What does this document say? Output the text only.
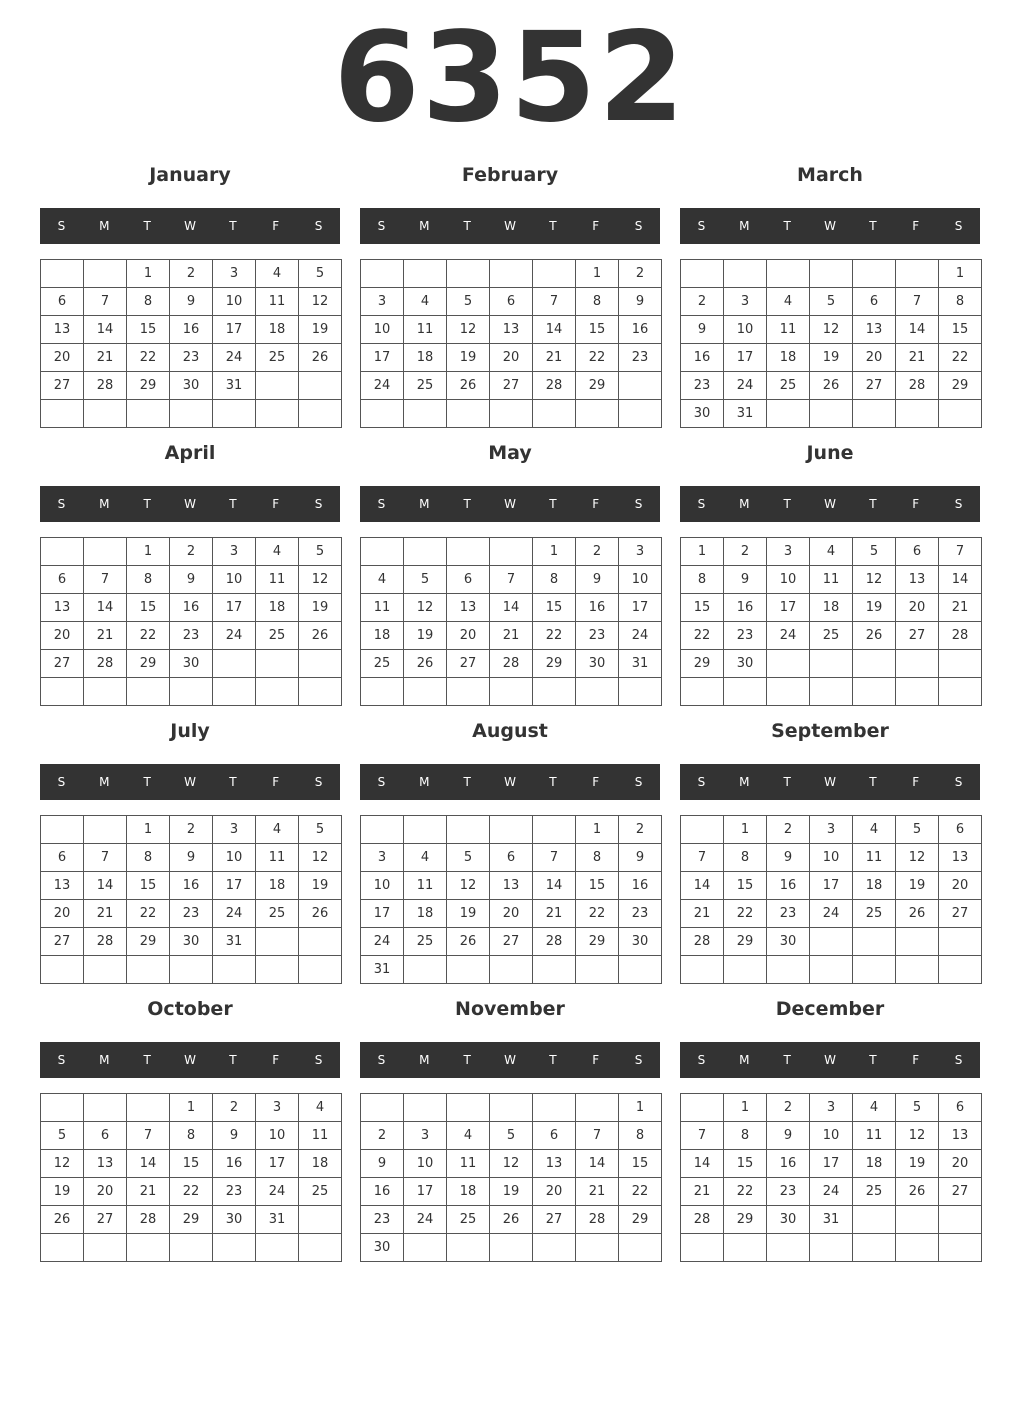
6352
January
S	M	T	W	T	F	S
		1	2	3	4	5
6	7	8	9	10	11	12
13	14	15	16	17	18	19
20	21	22	23	24	25	26
27	28	29	30	31		

February
S	M	T	W	T	F	S
					1	2
3	4	5	6	7	8	9
10	11	12	13	14	15	16
17	18	19	20	21	22	23
24	25	26	27	28	29	

March
S	M	T	W	T	F	S
						1
2	3	4	5	6	7	8
9	10	11	12	13	14	15
16	17	18	19	20	21	22
23	24	25	26	27	28	29
30	31					
April
S	M	T	W	T	F	S
		1	2	3	4	5
6	7	8	9	10	11	12
13	14	15	16	17	18	19
20	21	22	23	24	25	26
27	28	29	30			

May
S	M	T	W	T	F	S
				1	2	3
4	5	6	7	8	9	10
11	12	13	14	15	16	17
18	19	20	21	22	23	24
25	26	27	28	29	30	31

June
S	M	T	W	T	F	S
1	2	3	4	5	6	7
8	9	10	11	12	13	14
15	16	17	18	19	20	21
22	23	24	25	26	27	28
29	30					

July
S	M	T	W	T	F	S
		1	2	3	4	5
6	7	8	9	10	11	12
13	14	15	16	17	18	19
20	21	22	23	24	25	26
27	28	29	30	31		

August
S	M	T	W	T	F	S
					1	2
3	4	5	6	7	8	9
10	11	12	13	14	15	16
17	18	19	20	21	22	23
24	25	26	27	28	29	30
31						
September
S	M	T	W	T	F	S
	1	2	3	4	5	6
7	8	9	10	11	12	13
14	15	16	17	18	19	20
21	22	23	24	25	26	27
28	29	30				

October
S	M	T	W	T	F	S
			1	2	3	4
5	6	7	8	9	10	11
12	13	14	15	16	17	18
19	20	21	22	23	24	25
26	27	28	29	30	31	

November
S	M	T	W	T	F	S
						1
2	3	4	5	6	7	8
9	10	11	12	13	14	15
16	17	18	19	20	21	22
23	24	25	26	27	28	29
30						
December
S	M	T	W	T	F	S
	1	2	3	4	5	6
7	8	9	10	11	12	13
14	15	16	17	18	19	20
21	22	23	24	25	26	27
28	29	30	31			
